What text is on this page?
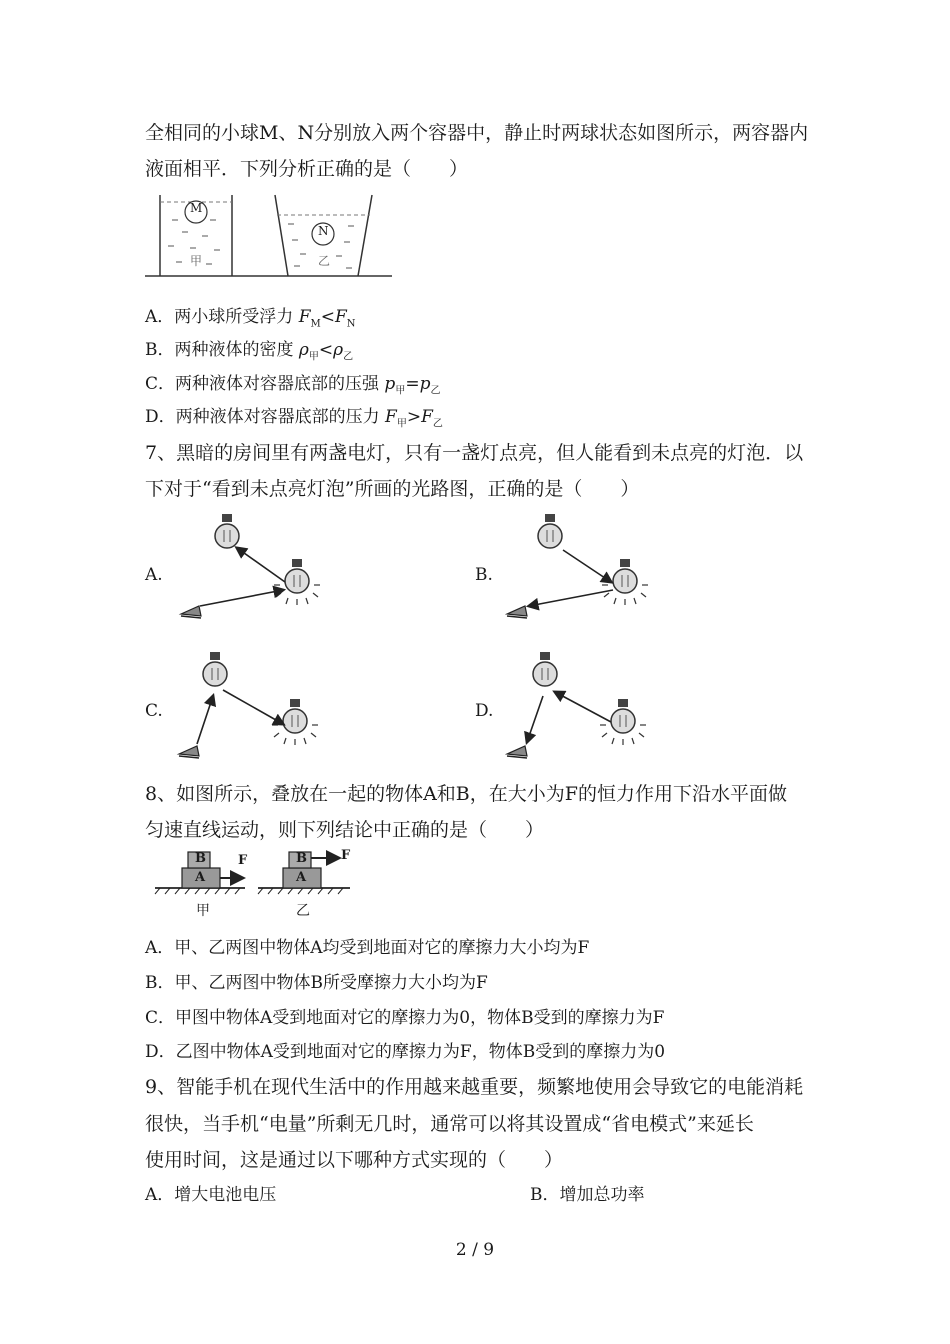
全相同的小球M、N分别放入两个容器中，静止时两球状态如图所示，两容器内
液面相平．下列分析正确的是（　　）
M
N
甲	乙
A．两小球所受浮力 $F_M<F_N$
B．两种液体的密度 $\rho_甲<\rho_乙$
C．两种液体对容器底部的压强 $p_甲=p_乙$
D．两种液体对容器底部的压力 $F_甲>F_乙$
7、黑暗的房间里有两盏电灯，只有一盏灯点亮，但人能看到未点亮的灯泡．以
下对于“看到未点亮灯泡”所画的光路图，正确的是（　　）
A.	B.
C.	D.
8、如图所示，叠放在一起的物体A和B，在大小为F的恒力作用下沿水平面做
匀速直线运动，则下列结论中正确的是（　　）
B
A
F	B
A
F
甲	乙
A．甲、乙两图中物体A均受到地面对它的摩擦力大小均为F
B．甲、乙两图中物体B所受摩擦力大小均为F
C．甲图中物体A受到地面对它的摩擦力为0，物体B受到的摩擦力为F
D．乙图中物体A受到地面对它的摩擦力为F，物体B受到的摩擦力为0
9、智能手机在现代生活中的作用越来越重要，频繁地使用会导致它的电能消耗
很快，当手机“电量”所剩无几时，通常可以将其设置成“省电模式”来延长
使用时间，这是通过以下哪种方式实现的（　　）
A．增大电池电压	B．增加总功率
2 / 9
